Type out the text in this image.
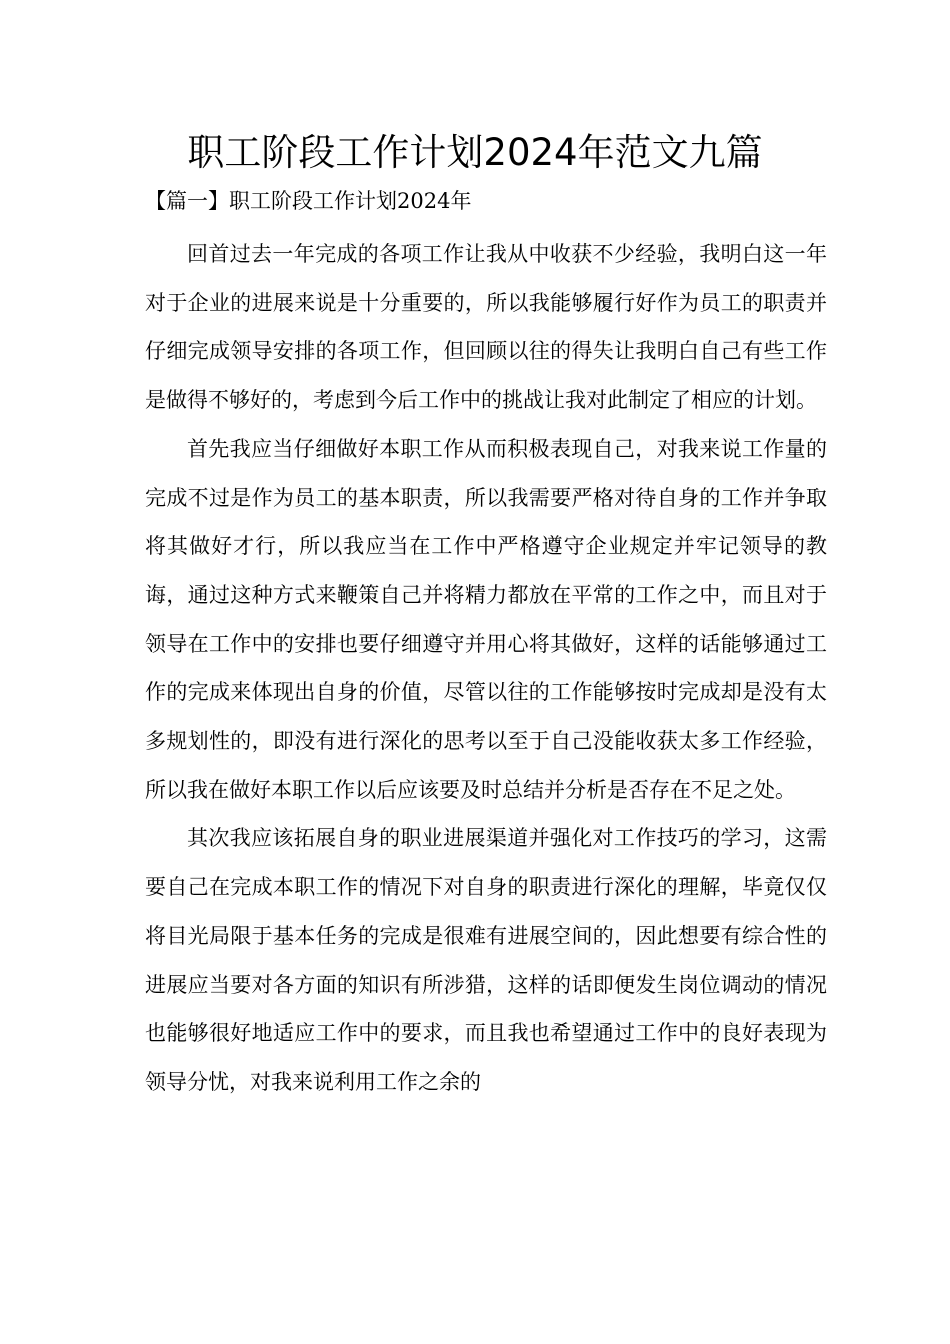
职工阶段工作计划2024年范文九篇
【篇一】职工阶段工作计划2024年

回首过去一年完成的各项工作让我从中收获不少经验，我明白这一年对于企业的进展来说是十分重要的，所以我能够履行好作为员工的职责并仔细完成领导安排的各项工作，但回顾以往的得失让我明白自己有些工作是做得不够好的，考虑到今后工作中的挑战让我对此制定了相应的计划。

首先我应当仔细做好本职工作从而积极表现自己，对我来说工作量的完成不过是作为员工的基本职责，所以我需要严格对待自身的工作并争取将其做好才行，所以我应当在工作中严格遵守企业规定并牢记领导的教诲，通过这种方式来鞭策自己并将精力都放在平常的工作之中，而且对于领导在工作中的安排也要仔细遵守并用心将其做好，这样的话能够通过工作的完成来体现出自身的价值，尽管以往的工作能够按时完成却是没有太多规划性的，即没有进行深化的思考以至于自己没能收获太多工作经验，所以我在做好本职工作以后应该要及时总结并分析是否存在不足之处。

其次我应该拓展自身的职业进展渠道并强化对工作技巧的学习，这需要自己在完成本职工作的情况下对自身的职责进行深化的理解，毕竟仅仅将目光局限于基本任务的完成是很难有进展空间的，因此想要有综合性的进展应当要对各方面的知识有所涉猎，这样的话即便发生岗位调动的情况也能够很好地适应工作中的要求，而且我也希望通过工作中的良好表现为领导分忧，对我来说利用工作之余的
